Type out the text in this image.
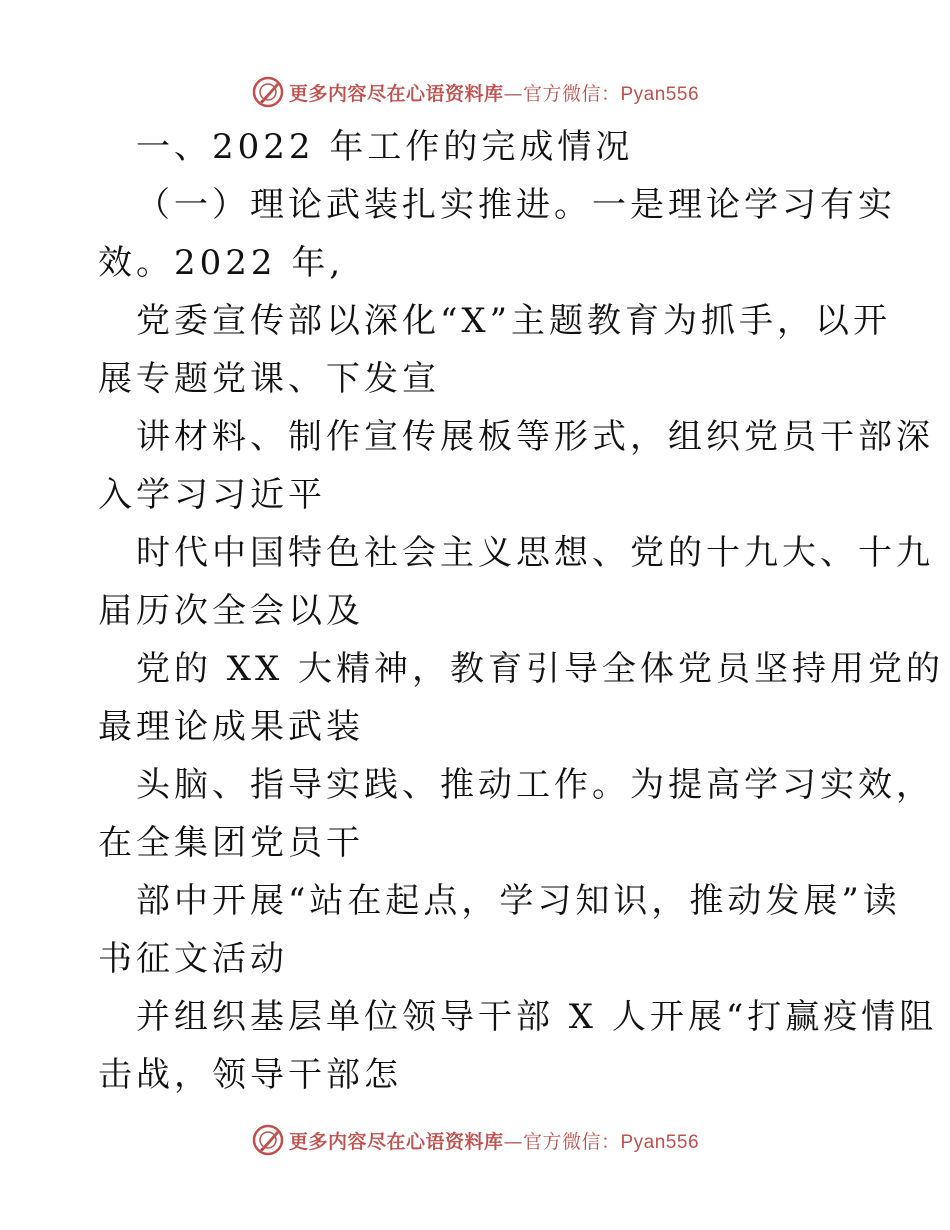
更多内容尽在心语资料库—官方微信：Pyan556
一、2022 年工作的完成情况
（一）理论武装扎实推进。一是理论学习有实
效。2022 年,
党委宣传部以深化“X”主题教育为抓手，以开
展专题党课、下发宣
讲材料、制作宣传展板等形式，组织党员干部深
入学习习近平
时代中国特色社会主义思想、党的十九大、十九
届历次全会以及
党的 XX 大精神，教育引导全体党员坚持用党的
最理论成果武装
头脑、指导实践、推动工作。为提高学习实效，
在全集团党员干
部中开展“站在起点，学习知识，推动发展”读
书征文活动
并组织基层单位领导干部 X 人开展“打赢疫情阻
击战，领导干部怎
更多内容尽在心语资料库—官方微信：Pyan556
